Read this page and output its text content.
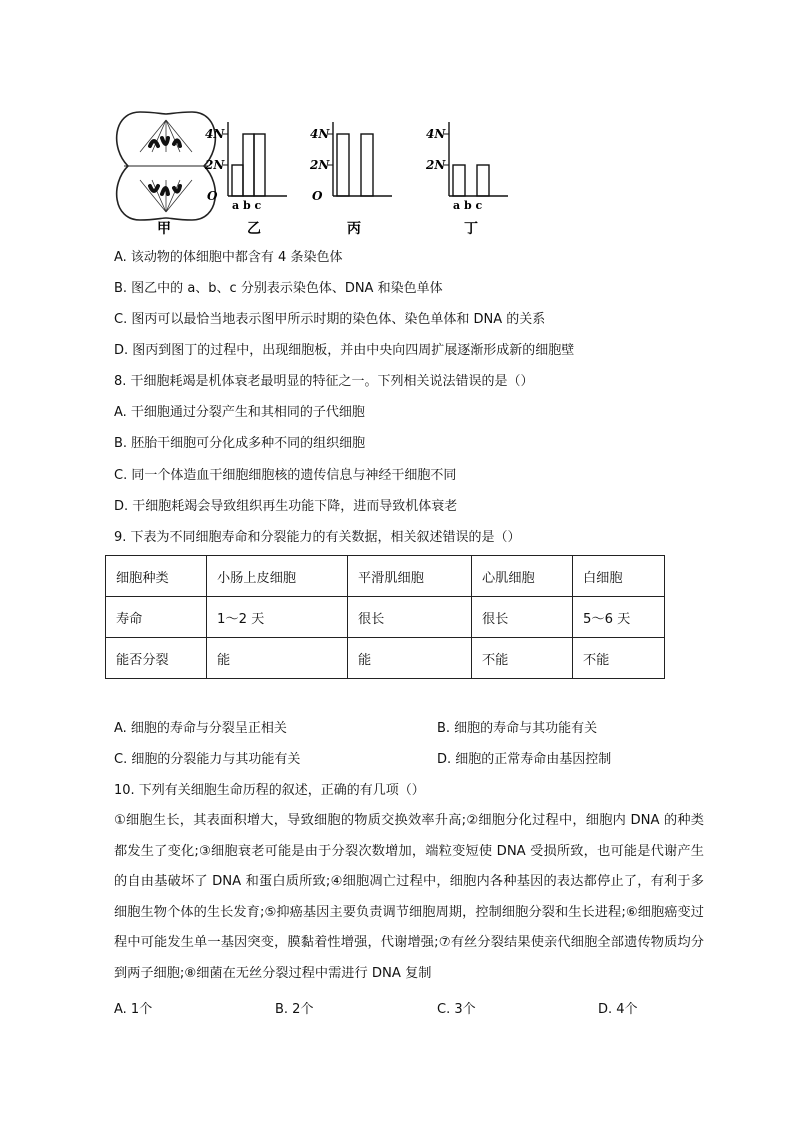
甲
4N
2N
O
a b c
乙
4N
2N
O
丙
4N
2N
a b c
丁
A. 该动物的体细胞中都含有 4 条染色体
B. 图乙中的 a、b、c 分别表示染色体、DNA 和染色单体
C. 图丙可以最恰当地表示图甲所示时期的染色体、染色单体和 DNA 的关系
D. 图丙到图丁的过程中，出现细胞板，并由中央向四周扩展逐渐形成新的细胞壁
8. 干细胞耗竭是机体衰老最明显的特征之一。下列相关说法错误的是（）
A. 干细胞通过分裂产生和其相同的子代细胞
B. 胚胎干细胞可分化成多种不同的组织细胞
C. 同一个体造血干细胞细胞核的遗传信息与神经干细胞不同
D. 干细胞耗竭会导致组织再生功能下降，进而导致机体衰老
9. 下表为不同细胞寿命和分裂能力的有关数据，相关叙述错误的是（）
细胞种类	小肠上皮细胞	平滑肌细胞	心肌细胞	白细胞
寿命	1～2 天	很长	很长	5～6 天
能否分裂	能	能	不能	不能
A. 细胞的寿命与分裂呈正相关	B. 细胞的寿命与其功能有关
C. 细胞的分裂能力与其功能有关	D. 细胞的正常寿命由基因控制
10. 下列有关细胞生命历程的叙述，正确的有几项（）
①细胞生长，其表面积增大，导致细胞的物质交换效率升高;②细胞分化过程中，细胞内 DNA 的种类都发生了变化;③细胞衰老可能是由于分裂次数增加，端粒变短使 DNA 受损所致，也可能是代谢产生的自由基破坏了 DNA 和蛋白质所致;④细胞凋亡过程中，细胞内各种基因的表达都停止了，有利于多细胞生物个体的生长发育;⑤抑癌基因主要负责调节细胞周期，控制细胞分裂和生长进程;⑥细胞癌变过程中可能发生单一基因突变，膜黏着性增强，代谢增强;⑦有丝分裂结果使亲代细胞全部遗传物质均分到两子细胞;⑧细菌在无丝分裂过程中需进行 DNA 复制
A. 1个	B. 2个	C. 3个	D. 4个
